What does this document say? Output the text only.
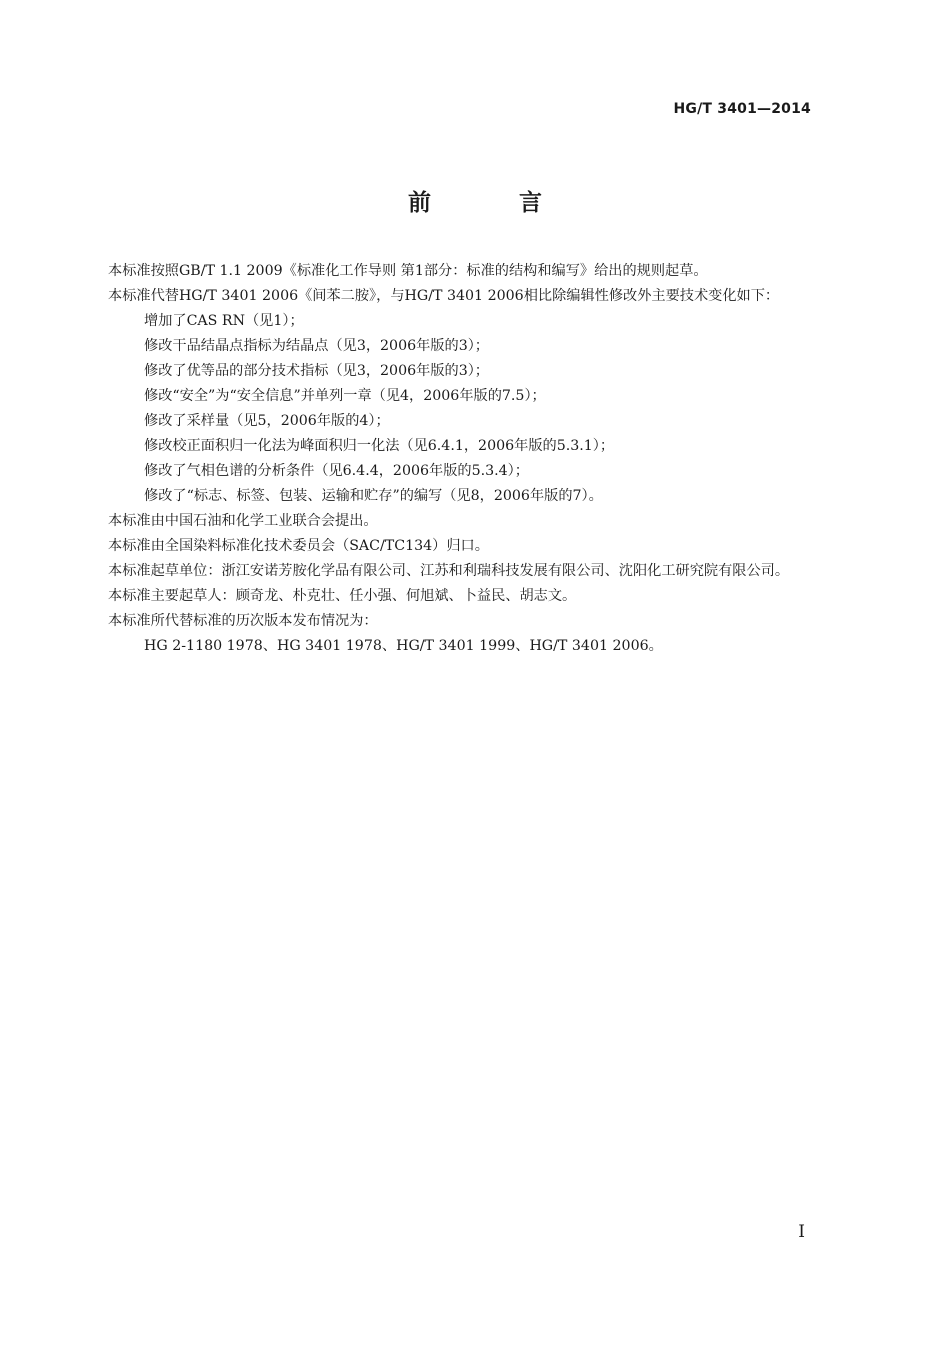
HG/T 3401—2014
前 言

本标准按照GB/T 1.1 2009《标准化工作导则 第1部分：标准的结构和编写》给出的规则起草。

本标准代替HG/T 3401 2006《间苯二胺》，与HG/T 3401 2006相比除编辑性修改外主要技术变化如下：

增加了CAS RN（见1）；

修改干品结晶点指标为结晶点（见3，2006年版的3）；

修改了优等品的部分技术指标（见3，2006年版的3）；

修改“安全”为“安全信息”并单列一章（见4，2006年版的7.5）；

修改了采样量（见5，2006年版的4）；

修改校正面积归一化法为峰面积归一化法（见6.4.1，2006年版的5.3.1）；

修改了气相色谱的分析条件（见6.4.4，2006年版的5.3.4）；

修改了“标志、标签、包装、运输和贮存”的编写（见8，2006年版的7）。

本标准由中国石油和化学工业联合会提出。

本标准由全国染料标准化技术委员会（SAC/TC134）归口。

本标准起草单位：浙江安诺芳胺化学品有限公司、江苏和利瑞科技发展有限公司、沈阳化工研究院有限公司。

本标准主要起草人：顾奇龙、朴克壮、任小强、何旭斌、卜益民、胡志文。

本标准所代替标准的历次版本发布情况为：

HG 2-1180 1978、HG 3401 1978、HG/T 3401 1999、HG/T 3401 2006。

I
